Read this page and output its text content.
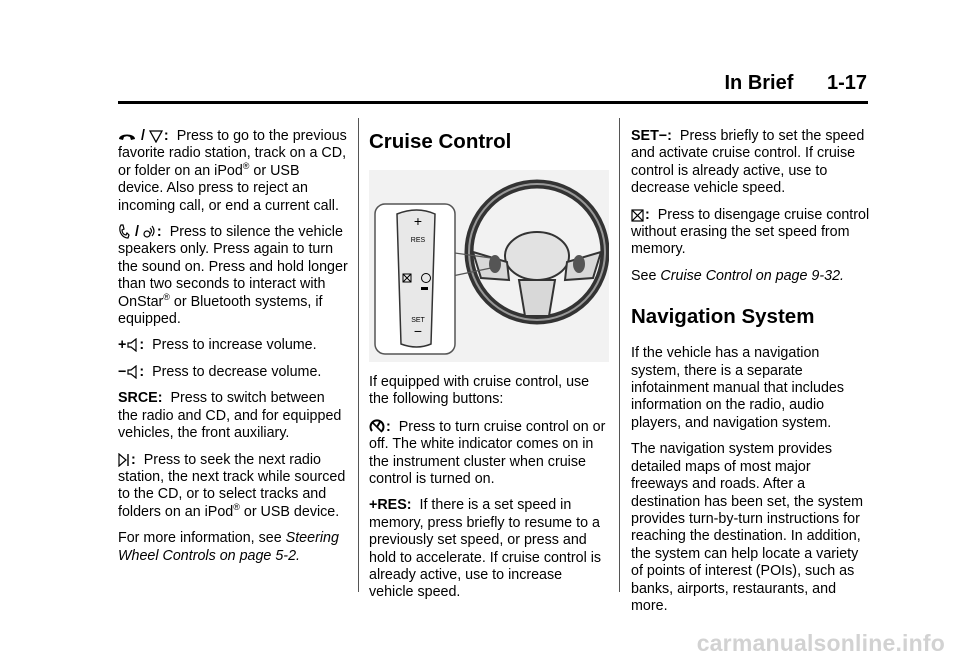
In Brief 1-17

/ : Press to go to the previous favorite radio station, track on a CD, or folder on an iPod® or USB device. Also press to reject an incoming call, or end a current call.

/ : Press to silence the vehicle speakers only. Press again to turn the sound on. Press and hold longer than two seconds to interact with OnStar® or Bluetooth systems, if equipped.

+ : Press to increase volume.

− : Press to decrease volume.

SRCE: Press to switch between the radio and CD, and for equipped vehicles, the front auxiliary.

: Press to seek the next radio station, the next track while sourced to the CD, or to select tracks and folders on an iPod® or USB device.

For more information, see Steering Wheel Controls on page 5-2.

Cruise Control
+
RES
SET
−

If equipped with cruise control, use the following buttons:

: Press to turn cruise control on or off. The white indicator comes on in the instrument cluster when cruise control is turned on.

+RES: If there is a set speed in memory, press briefly to resume to a previously set speed, or press and hold to accelerate. If cruise control is already active, use to increase vehicle speed.

SET−: Press briefly to set the speed and activate cruise control. If cruise control is already active, use to decrease vehicle speed.

: Press to disengage cruise control without erasing the set speed from memory.

See Cruise Control on page 9-32.

Navigation System

If the vehicle has a navigation system, there is a separate infotainment manual that includes information on the radio, audio players, and navigation system.

The navigation system provides detailed maps of most major freeways and roads. After a destination has been set, the system provides turn-by-turn instructions for reaching the destination. In addition, the system can help locate a variety of points of interest (POIs), such as banks, airports, restaurants, and more.

carmanualsonline.info
